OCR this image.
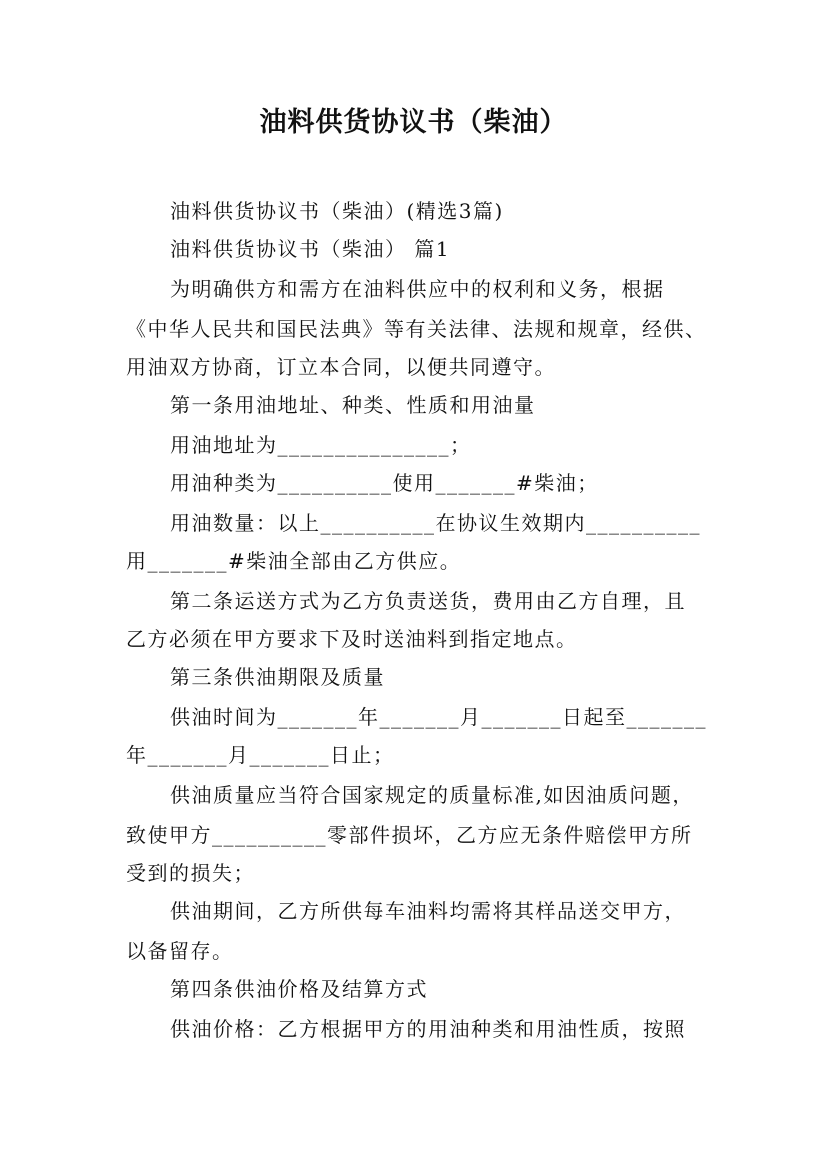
油料供货协议书（柴油）
油料供货协议书（柴油）(精选3篇)
油料供货协议书（柴油） 篇1
为明确供方和需方在油料供应中的权利和义务，根据
《中华人民共和国民法典》等有关法律、法规和规章，经供、
用油双方协商，订立本合同，以便共同遵守。
第一条用油地址、种类、性质和用油量
用油地址为_______________；
用油种类为__________使用_______#柴油；
用油数量：以上__________在协议生效期内__________
用_______#柴油全部由乙方供应。
第二条运送方式为乙方负责送货，费用由乙方自理，且
乙方必须在甲方要求下及时送油料到指定地点。
第三条供油期限及质量
供油时间为_______年_______月_______日起至_______
年_______月_______日止；
供油质量应当符合国家规定的质量标准,如因油质问题，
致使甲方__________零部件损坏，乙方应无条件赔偿甲方所
受到的损失；
供油期间，乙方所供每车油料均需将其样品送交甲方，
以备留存。
第四条供油价格及结算方式
供油价格：乙方根据甲方的用油种类和用油性质，按照
